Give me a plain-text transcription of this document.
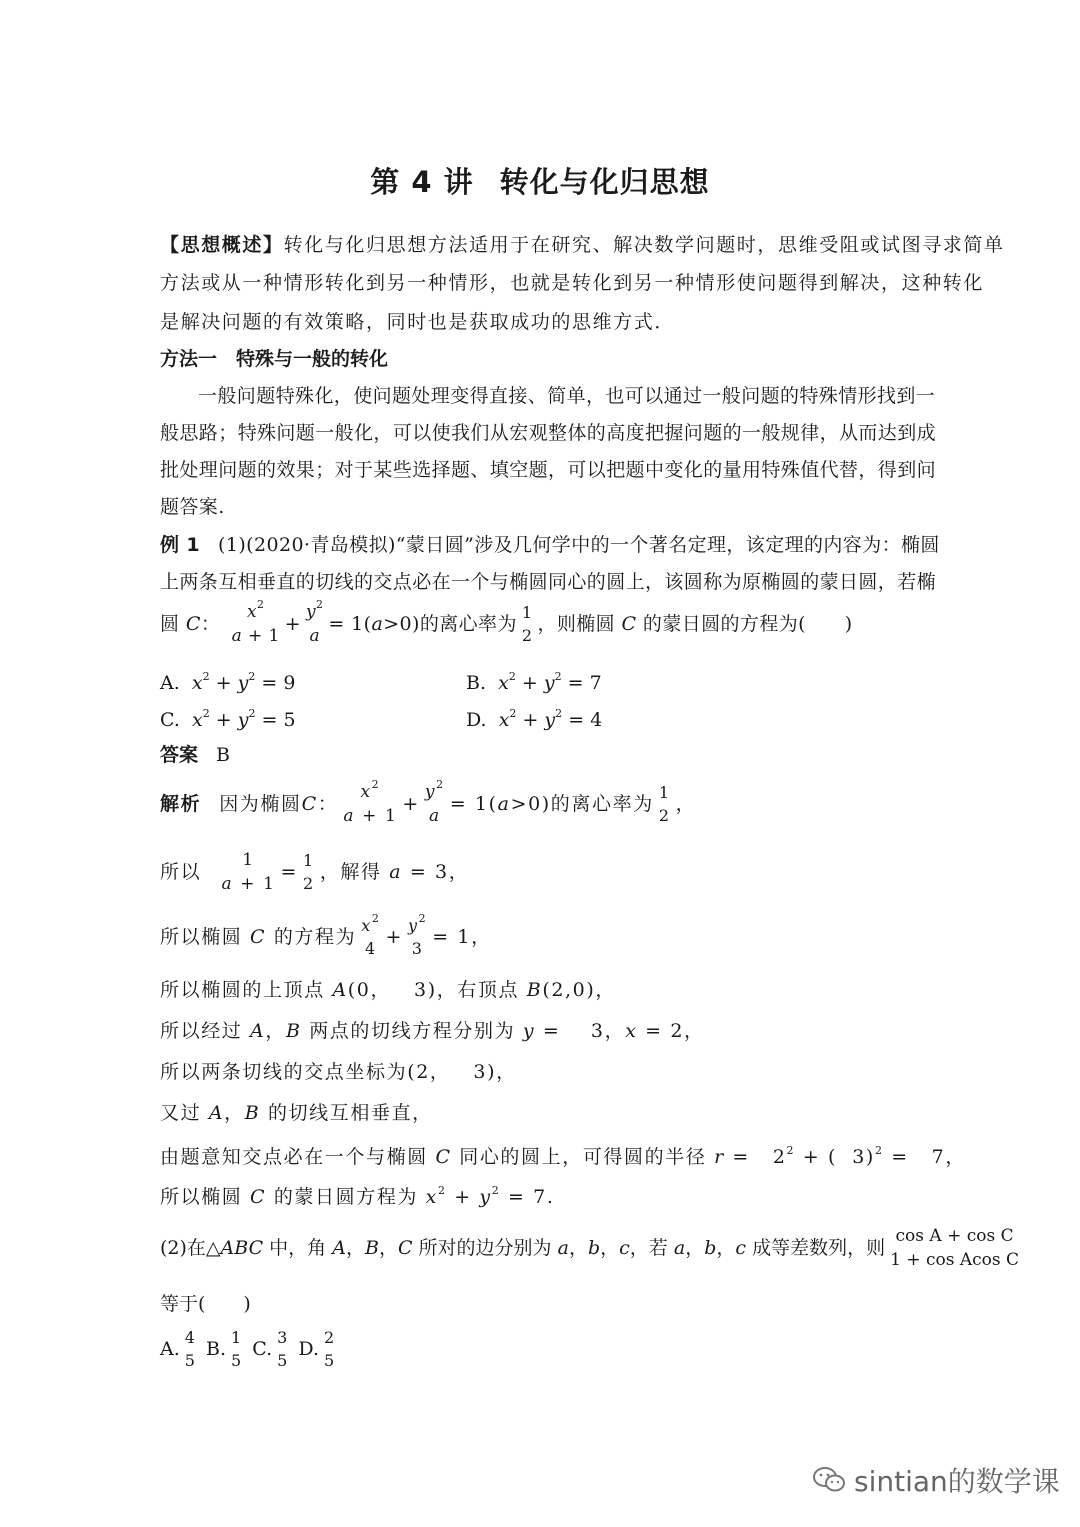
第 4 讲 转化与化归思想
【思想概述】转化与化归思想方法适用于在研究、解决数学问题时，思维受阻或试图寻求简单
方法或从一种情形转化到另一种情形，也就是转化到另一种情形使问题得到解决，这种转化
是解决问题的有效策略，同时也是获取成功的思维方式．
方法一　特殊与一般的转化
一般问题特殊化，使问题处理变得直接、简单，也可以通过一般问题的特殊情形找到一
般思路；特殊问题一般化，可以使我们从宏观整体的高度把握问题的一般规律，从而达到成
批处理问题的效果；对于某些选择题、填空题，可以把题中变化的量用特殊值代替，得到问
题答案.
例 1 (1)(2020·青岛模拟)“蒙日圆”涉及几何学中的一个著名定理，该定理的内容为：椭圆
上两条互相垂直的切线的交点必在一个与椭圆同心的圆上，该圆称为原椭圆的蒙日圆，若椭
圆 C：
$x^2$
a + 1
+
$y^2$
a
= 1(a>0)的离心率为
1
2
，则椭圆 C 的蒙日圆的方程为(　　)
A. $x^2 + y^2 = 9$	B. $x^2 + y^2 = 7$
C. $x^2 + y^2 = 5$	D. $x^2 + y^2 = 4$
答案 B
解析 因为椭圆C：
$x^2$
a + 1
+
$y^2$
a
= 1(a>0)的离心率为
1
2
，
所以
1
a + 1
=
1
2
，解得 a = 3，
所以椭圆 C 的方程为
$x^2$
4
+
$y^2$
3
= 1，
所以椭圆的上顶点 A(0，   3)，右顶点 B(2,0)，
所以经过 A，B 两点的切线方程分别为 y =    3，x = 2，
所以两条切线的交点坐标为(2，   3)，
又过 A，B 的切线互相垂直，
由题意知交点必在一个与椭圆 C 同心的圆上，可得圆的半径 $r = 2^2$ + (  3)$^2$ =   7，
所以椭圆 C 的蒙日圆方程为 $x^2 + y^2 = 7$.
(2)在△ABC 中，角 A，B，C 所对的边分别为 a，b，c，若 a，b，c 成等差数列，则
cos A + cos C
1 + cos Acos C
等于(　　)
A.
4
5
B.
1
5
C.
3
5
D.
2
5
sintian的数学课
